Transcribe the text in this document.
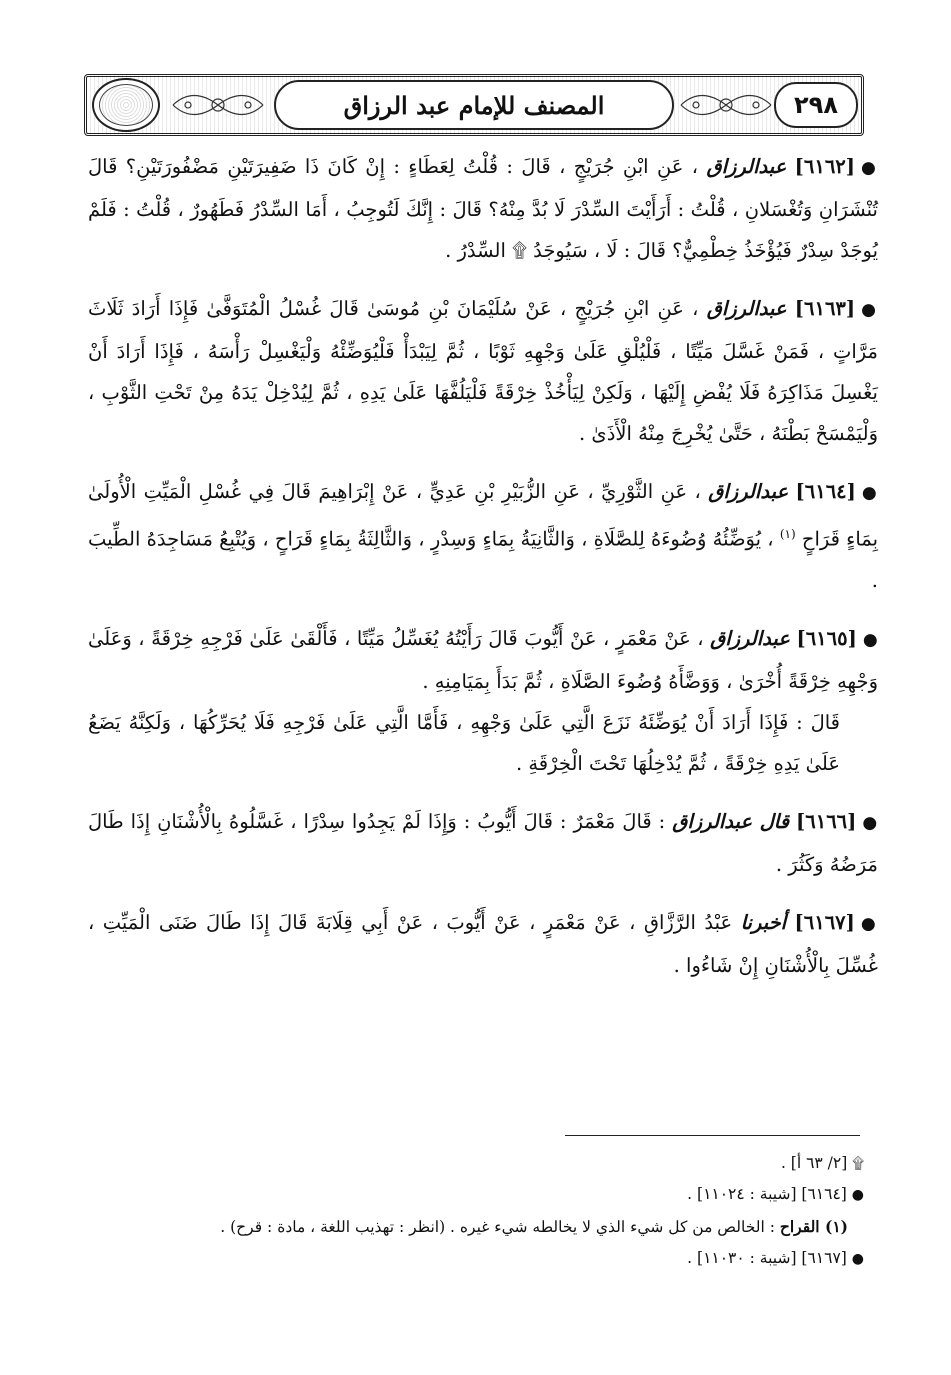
المصنف للإمام عبد الرزاق	٢٩٨

●[٦١٦٢] عبدالرزاق ، عَنِ ابْنِ جُرَيْجٍ ، قَالَ : قُلْتُ لِعَطَاءٍ : إِنْ كَانَ ذَا ضَفِيرَتَيْنِ مَضْفُورَتَيْنِ؟ قَالَ تُنْشَرَانِ وَتُغْسَلانِ ، قُلْتُ : أَرَأَيْتَ السِّدْرَ لَا بُدَّ مِنْهُ؟ قَالَ : إِنَّكَ لَتُوجِبُ ، أَمَا السِّدْرُ فَطَهُورٌ ، قُلْتُ : فَلَمْ يُوجَدْ سِدْرٌ فَيُؤْخَذُ خِطْمِيٌّ؟ قَالَ : لَا ، سَيُوجَدُ ۩ السِّدْرُ .

●[٦١٦٣] عبدالرزاق ، عَنِ ابْنِ جُرَيْجٍ ، عَنْ سُلَيْمَانَ بْنِ مُوسَىٰ قَالَ غُسْلُ الْمُتَوَفَّىٰ فَإِذَا أَرَادَ ثَلَاثَ مَرَّاتٍ ، فَمَنْ غَسَّلَ مَيِّتًا ، فَلْيُلْقِ عَلَىٰ وَجْهِهِ ثَوْبًا ، ثُمَّ لِيَبْدَأْ فَلْيُوَضِّئْهُ وَلْيَغْسِلْ رَأْسَهُ ، فَإِذَا أَرَادَ أَنْ يَغْسِلَ مَذَاكِرَهُ فَلَا يُفْضِ إِلَيْهَا ، وَلَكِنْ لِيَأْخُذْ خِرْقَةً فَلْيَلُفَّهَا عَلَىٰ يَدِهِ ، ثُمَّ لِيُدْخِلْ يَدَهُ مِنْ تَحْتِ الثَّوْبِ ، وَلْيَمْسَحْ بَطْنَهُ ، حَتَّىٰ يُخْرِجَ مِنْهُ الْأَذَىٰ .

●[٦١٦٤] عبدالرزاق ، عَنِ الثَّوْرِيِّ ، عَنِ الزُّبَيْرِ بْنِ عَدِيٍّ ، عَنْ إِبْرَاهِيمَ قَالَ فِي غُسْلِ الْمَيِّتِ الْأُولَىٰ بِمَاءٍ قَرَاحٍ $^{(١)}$ ، يُوَضِّئُهُ وُضُوءَهُ لِلصَّلَاةِ ، وَالثَّانِيَةُ بِمَاءٍ وَسِدْرٍ ، وَالثَّالِثَةُ بِمَاءٍ قَرَاحٍ ، وَيُتْبِعُ مَسَاجِدَهُ الطِّيبَ .

●[٦١٦٥] عبدالرزاق ، عَنْ مَعْمَرٍ ، عَنْ أَيُّوبَ قَالَ رَأَيْتُهُ يُغَسِّلُ مَيِّتًا ، فَأَلْقَىٰ عَلَىٰ فَرْجِهِ خِرْقَةً ، وَعَلَىٰ وَجْهِهِ خِرْقَةً أُخْرَىٰ ، وَوَضَّأَهُ وُضُوءَ الصَّلَاةِ ، ثُمَّ بَدَأَ بِمَيَامِنِهِ .

قَالَ : فَإِذَا أَرَادَ أَنْ يُوَضِّئَهُ نَزَعَ الَّتِي عَلَىٰ وَجْهِهِ ، فَأَمَّا الَّتِي عَلَىٰ فَرْجِهِ فَلَا يُحَرِّكُهَا ، وَلَكِنَّهُ يَضَعُ عَلَىٰ يَدِهِ خِرْقَةً ، ثُمَّ يُدْخِلُهَا تَحْتَ الْخِرْقَةِ .

●[٦١٦٦] قال عبدالرزاق : قَالَ مَعْمَرٌ : قَالَ أَيُّوبُ : وَإِذَا لَمْ يَجِدُوا سِدْرًا ، غَسَّلُوهُ بِالْأُشْنَانِ إِذَا طَالَ مَرَضُهُ وَكَثُرَ .

●[٦١٦٧] أخبرنا عَبْدُ الرَّزَّاقِ ، عَنْ مَعْمَرٍ ، عَنْ أَيُّوبَ ، عَنْ أَبِي قِلَابَةَ قَالَ إِذَا طَالَ ضَنَى الْمَيِّتِ ، غُسِّلَ بِالْأُشْنَانِ إِنْ شَاءُوا .

۩ [٢/ ٦٣ أ] .

● [٦١٦٤] [شيبة : ١١٠٢٤] .

(١) القراح : الخالص من كل شيء الذي لا يخالطه شيء غيره . (انظر : تهذيب اللغة ، مادة : قرح) .

● [٦١٦٧] [شيبة : ١١٠٣٠] .
